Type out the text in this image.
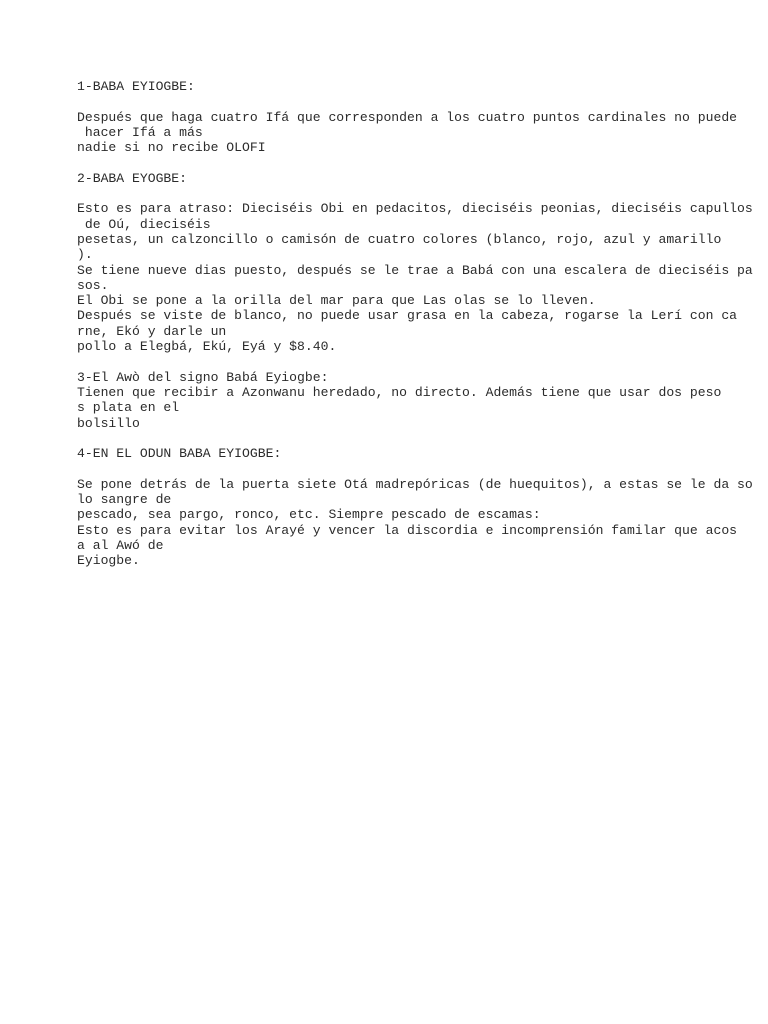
1-BABA EYIOGBE:
Después que haga cuatro Ifá que corresponden a los cuatro puntos cardinales no puede
hacer Ifá a más
nadie si no recibe OLOFI
2-BABA EYOGBE:
Esto es para atraso: Dieciséis Obi en pedacitos, dieciséis peonias, dieciséis capullos
de Oú, dieciséis
pesetas, un calzoncillo o camisón de cuatro colores (blanco, rojo, azul y amarillo
).
Se tiene nueve dias puesto, después se le trae a Babá con una escalera de dieciséis pa
sos.
El Obi se pone a la orilla del mar para que Las olas se lo lleven.
Después se viste de blanco, no puede usar grasa en la cabeza, rogarse la Lerí con ca
rne, Ekó y darle un
pollo a Elegbá, Ekú, Eyá y $8.40.
3-El Awò del signo Babá Eyiogbe:
Tienen que recibir a Azonwanu heredado, no directo. Además tiene que usar dos peso
s plata en el
bolsillo
4-EN EL ODUN BABA EYIOGBE:
Se pone detrás de la puerta siete Otá madrepóricas (de huequitos), a estas se le da so
lo sangre de
pescado, sea pargo, ronco, etc. Siempre pescado de escamas:
Esto es para evitar los Arayé y vencer la discordia e incomprensión familar que acos
a al Awó de
Eyiogbe.
